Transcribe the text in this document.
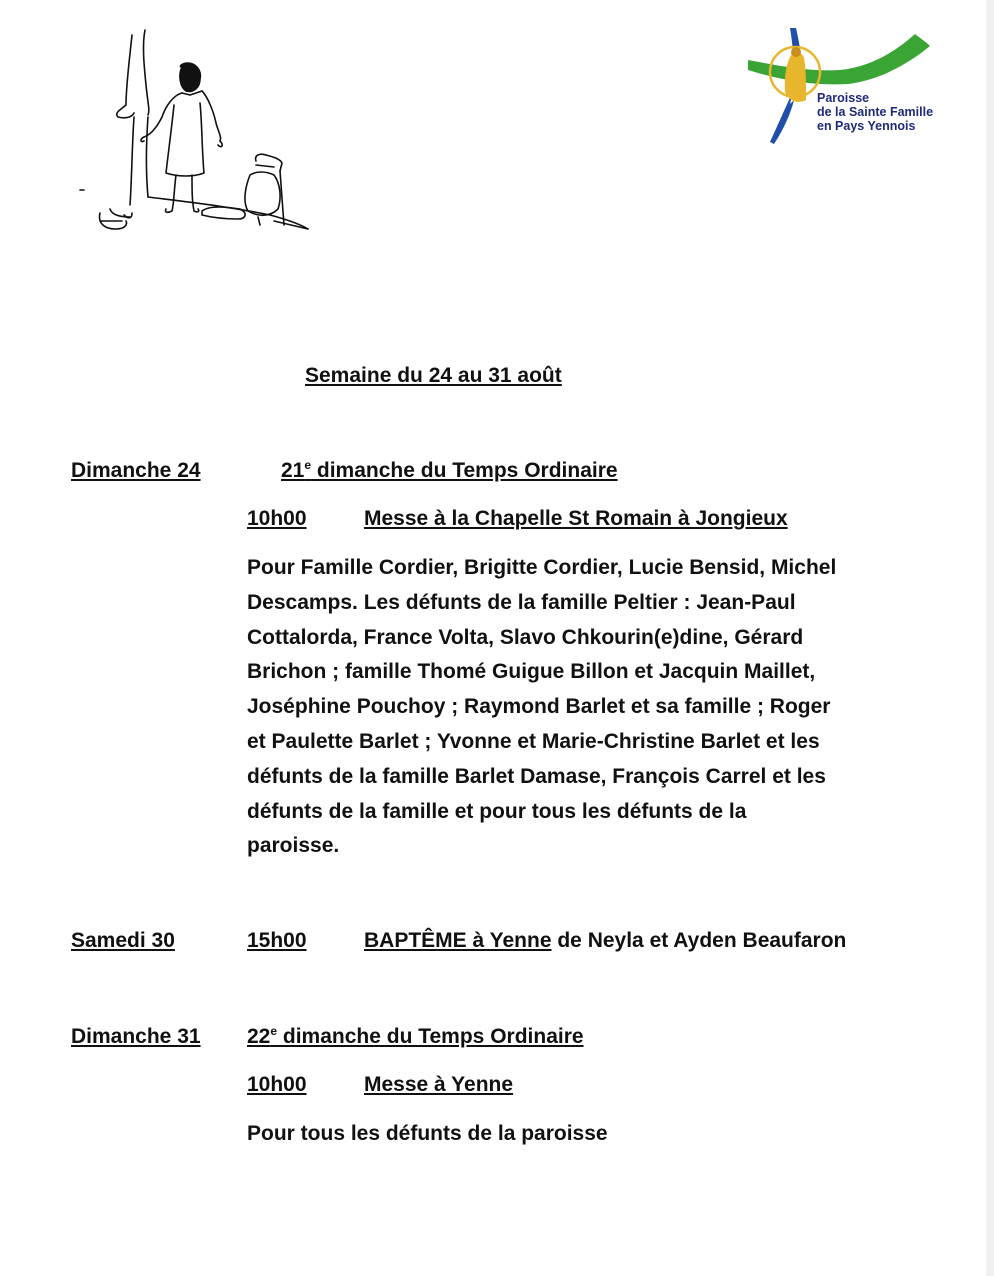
Paroisse
de la Sainte Famille
en Pays Yennois
Semaine du 24 au 31 août
Dimanche 24	21e dimanche du Temps Ordinaire
10h00	Messe à la Chapelle St Romain à Jongieux
Pour Famille Cordier, Brigitte Cordier, Lucie Bensid, Michel
Descamps. Les défunts de la famille Peltier : Jean-Paul
Cottalorda, France Volta, Slavo Chkourin(e)dine, Gérard
Brichon ; famille Thomé Guigue Billon et Jacquin Maillet,
Joséphine Pouchoy ; Raymond Barlet et sa famille ; Roger
et Paulette Barlet ; Yvonne et Marie-Christine Barlet et les
défunts de la famille Barlet Damase, François Carrel et les
défunts de la famille et pour tous les défunts de la
paroisse.
Samedi 30	15h00	BAPTÊME à Yenne de Neyla et Ayden Beaufaron
Dimanche 31	22e dimanche du Temps Ordinaire
10h00	Messe à Yenne
Pour tous les défunts de la paroisse
